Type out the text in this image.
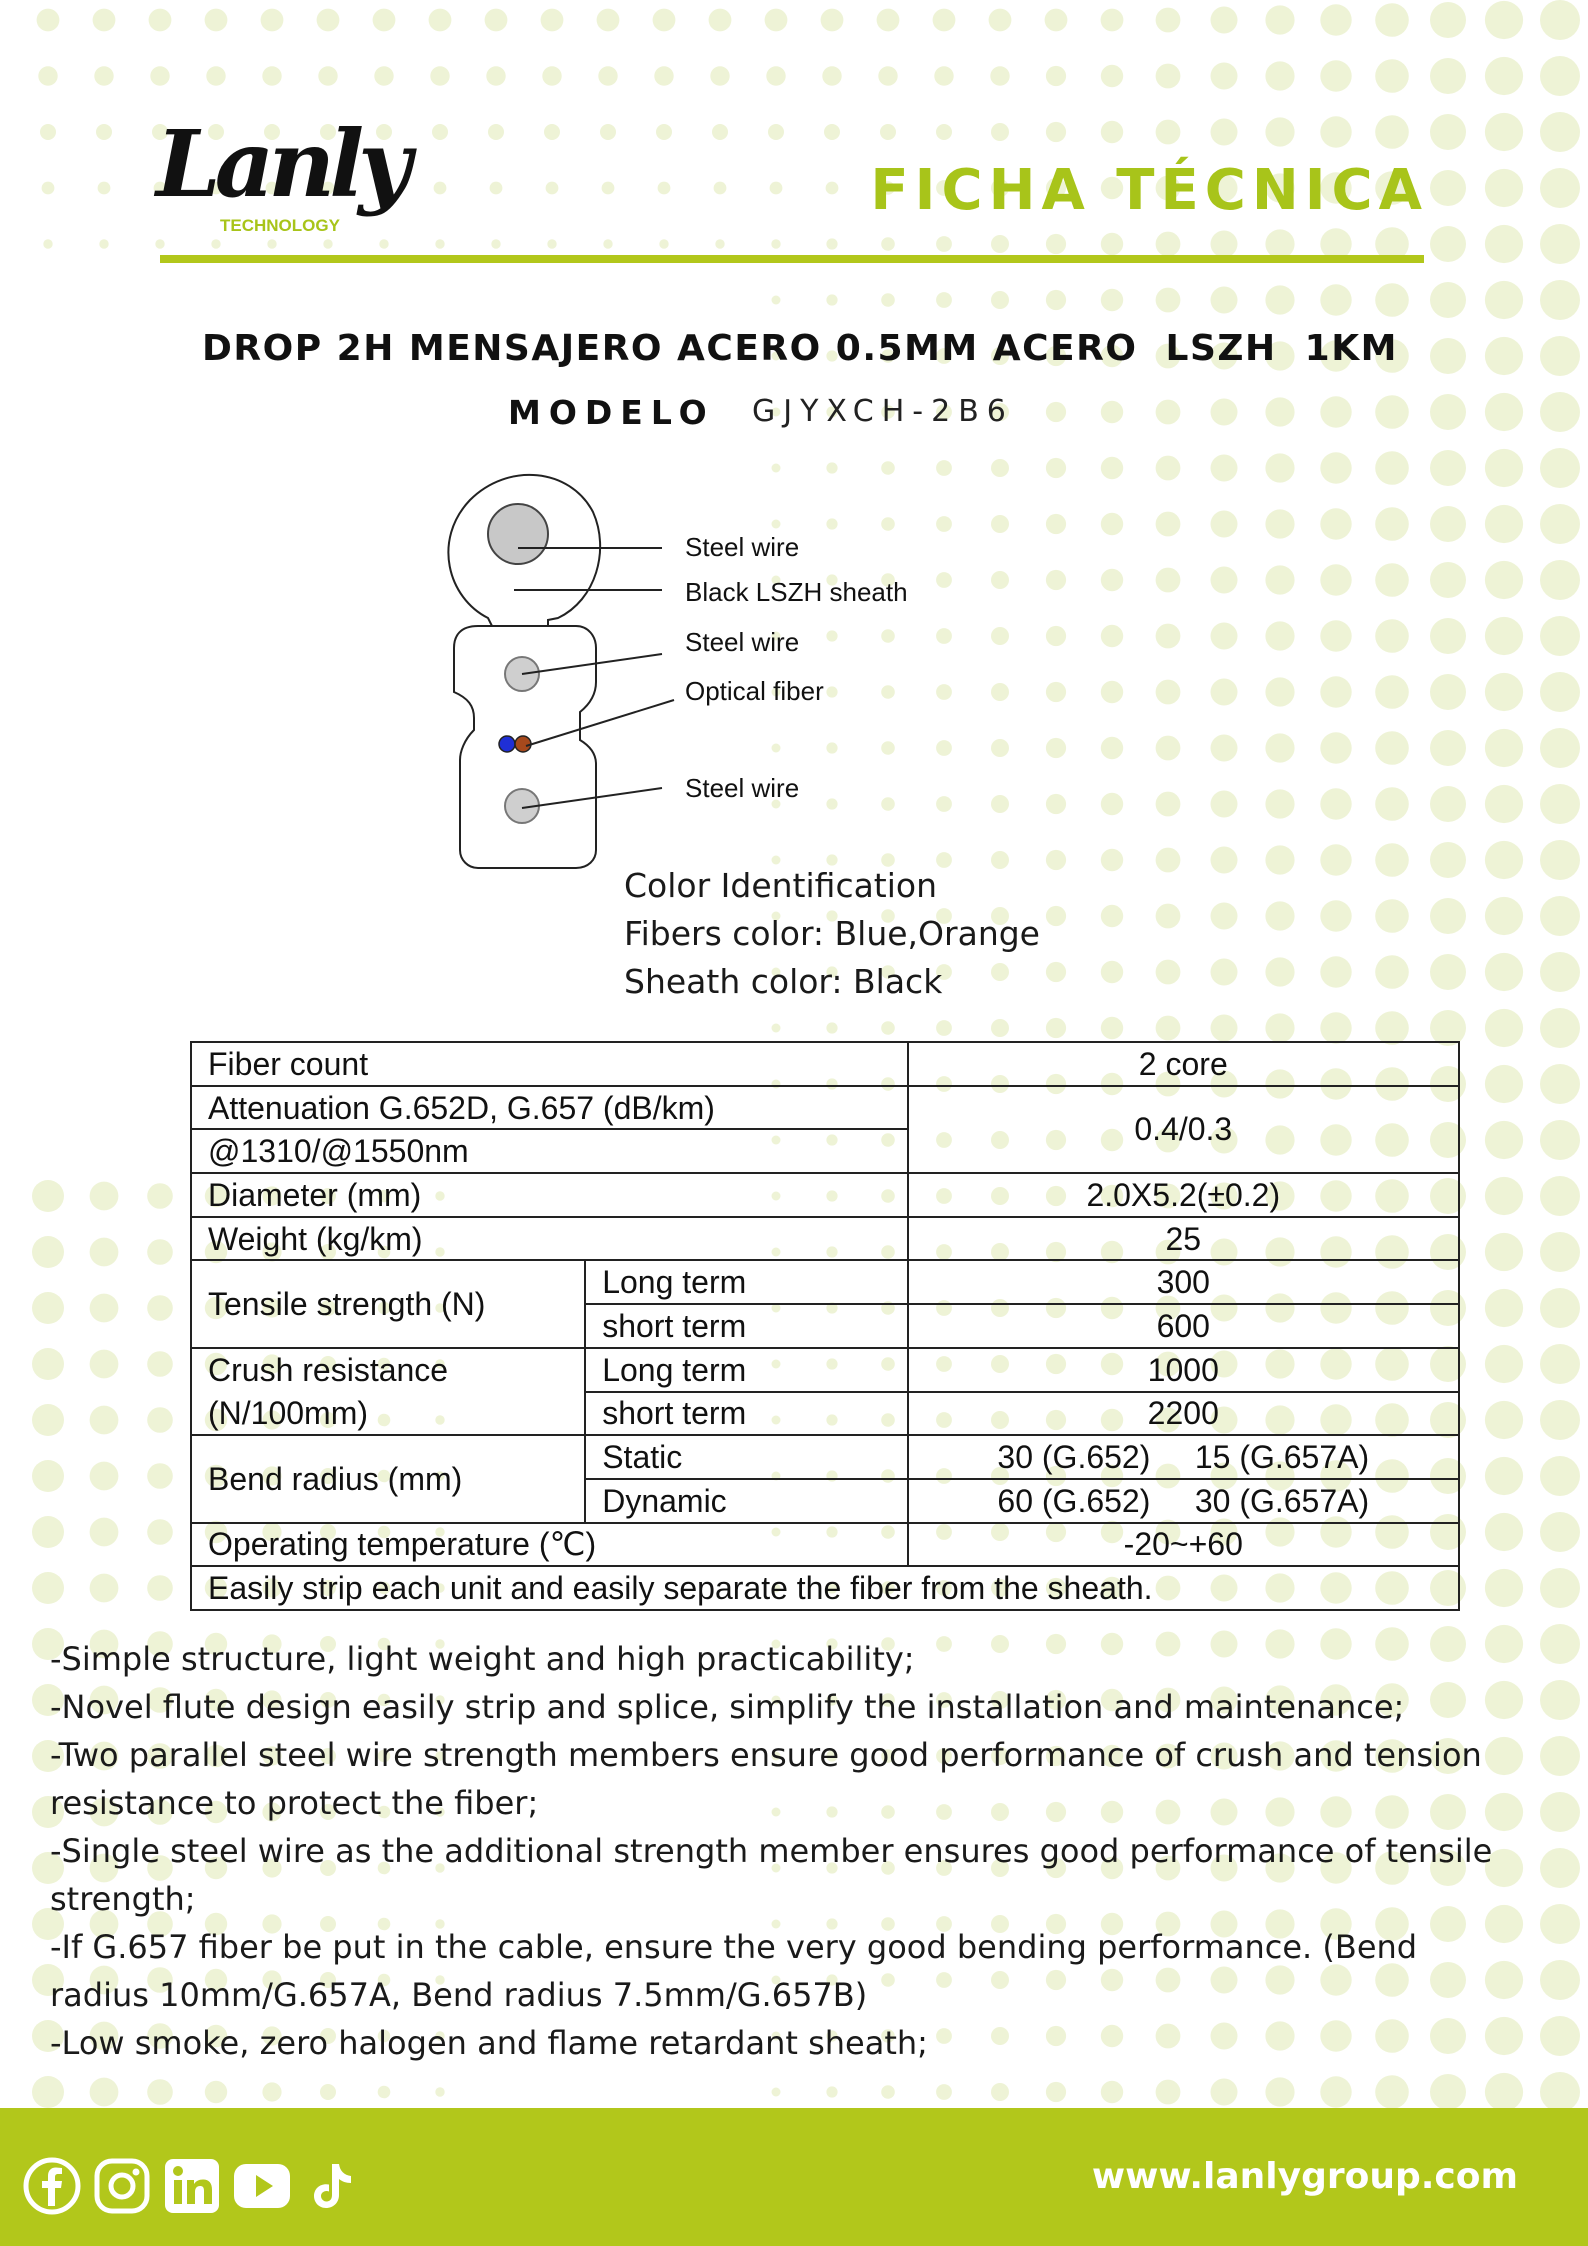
Lanly
TECHNOLOGY
FICHA TÉCNICA
DROP 2H MENSAJERO ACERO 0.5MM ACERO  LSZH  1KM
MODELO GJYXCH-2B6
Steel wire
Black LSZH sheath
Steel wire
Optical fiber
Steel wire
Color Identification
Fibers color: Blue,Orange
Sheath color: Black
Fiber count		2 core
Attenuation G.652D, G.657 (dB/km)		0.4/0.3
@1310/@1550nm		
Diameter (mm)		2.0X5.2(±0.2)
Weight (kg/km)		25
Tensile strength (N)	Long term	300
	short term	600
Crush resistance	Long term	1000
(N/100mm)	short term	2200
Bend radius (mm)	Static	30 (G.652)     15 (G.657A)
	Dynamic	60 (G.652)     30 (G.657A)
Operating temperature (℃)		-20~+60
Easily strip each unit and easily separate the fiber from the sheath.		

-Simple structure, light weight and high practicability;

-Novel flute design easily strip and splice, simplify the installation and maintenance;

-Two parallel steel wire strength members ensure good performance of crush and tension resistance to protect the fiber;

-Single steel wire as the additional strength member ensures good performance of tensile strength;

-If G.657 fiber be put in the cable, ensure the very good bending performance. (Bend radius 10mm/G.657A, Bend radius 7.5mm/G.657B)

-Low smoke, zero halogen and flame retardant sheath;

www.lanlygroup.com
